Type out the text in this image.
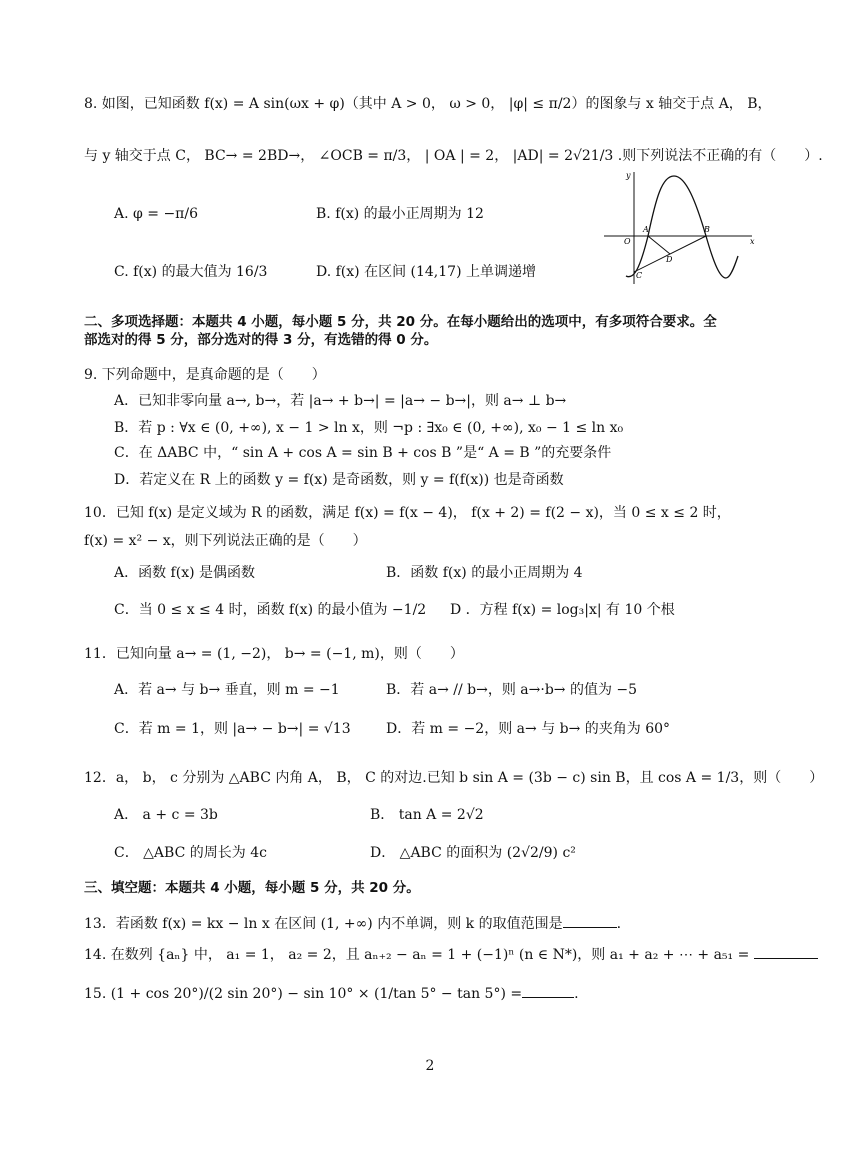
8. 如图，已知函数 f(x) = A sin(ωx + φ)（其中 A > 0， ω > 0， |φ| ≤ π/2）的图象与 x 轴交于点 A， B，
与 y 轴交于点 C， BC→ = 2BD→， ∠OCB = π/3， | OA | = 2， |AD| = 2√21/3 .则下列说法不正确的有（　　）.
A. φ = −π/6	B. f(x) 的最小正周期为 12
C. f(x) 的最大值为 16/3	D. f(x) 在区间 (14,17) 上单调递增
y
x
O
A	B
C
D
二、多项选择题：本题共 4 小题，每小题 5 分，共 20 分。在每小题给出的选项中，有多项符合要求。全
部选对的得 5 分，部分选对的得 3 分，有选错的得 0 分。
9. 下列命题中，是真命题的是（　　）
A．已知非零向量 a→, b→，若 |a→ + b→| = |a→ − b→|，则 a→ ⊥ b→
B．若 p : ∀x ∈ (0, +∞), x − 1 > ln x，则 ¬p : ∃x₀ ∈ (0, +∞), x₀ − 1 ≤ ln x₀
C．在 ΔABC 中，“ sin A + cos A = sin B + cos B ”是“ A = B ”的充要条件
D．若定义在 R 上的函数 y = f(x) 是奇函数，则 y = f(f(x)) 也是奇函数
10．已知 f(x) 是定义域为 R 的函数，满足 f(x) = f(x − 4)， f(x + 2) = f(2 − x)，当 0 ≤ x ≤ 2 时，
f(x) = x² − x，则下列说法正确的是（　　）
A．函数 f(x) 是偶函数	B．函数 f(x) 的最小正周期为 4
C．当 0 ≤ x ≤ 4 时，函数 f(x) 的最小值为 −1/2 D ．方程 f(x) = log₃|x| 有 10 个根
11．已知向量 a→ = (1, −2)， b→ = (−1, m)，则（　　）
A．若 a→ 与 b→ 垂直，则 m = −1	B．若 a→ // b→，则 a→·b→ 的值为 −5
C．若 m = 1，则 |a→ − b→| = √13	D．若 m = −2，则 a→ 与 b→ 的夹角为 60°
12．a， b， c 分别为 △ABC 内角 A， B， C 的对边.已知 b sin A = (3b − c) sin B，且 cos A = 1/3，则（　　）
A． a + c = 3b	B． tan A = 2√2
C． △ABC 的周长为 4c	D． △ABC 的面积为 (2√2/9) c²
三、填空题：本题共 4 小题，每小题 5 分，共 20 分。
13．若函数 f(x) = kx − ln x 在区间 (1, +∞) 内不单调，则 k 的取值范围是	.
14. 在数列 {aₙ} 中， a₁ = 1， a₂ = 2，且 aₙ₊₂ − aₙ = 1 + (−1)ⁿ (n ∈ N*)，则 a₁ + a₂ + ⋯ + a₅₁ =
15. (1 + cos 20°)/(2 sin 20°) − sin 10° × (1/tan 5° − tan 5°) =	.
2
